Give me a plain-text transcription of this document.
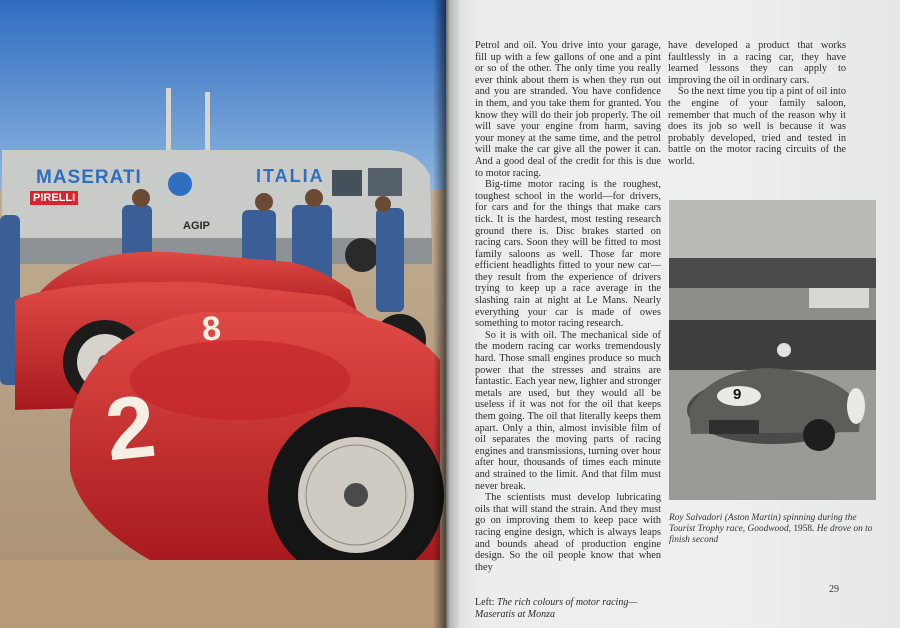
MASERATI	ITALIA
PIRELLI
AGIP
2
8

Petrol and oil. You drive into your garage, fill up with a few gallons of one and a pint or so of the other. The only time you really ever think about them is when they run out and you are stranded. You have confidence in them, and you take them for granted. You know they will do their job properly. The oil will save your engine from harm, saving your money at the same time, and the petrol will make the car give all the power it can. And a good deal of the credit for this is due to motor racing.

Big-time motor racing is the roughest, toughest school in the world—for drivers, for cars and for the things that make cars tick. It is the hardest, most testing research ground there is. Disc brakes started on racing cars. Soon they will be fitted to most family saloons as well. Those far more efficient headlights fitted to your new car—they result from the experience of drivers trying to keep up a race average in the slashing rain at night at Le Mans. Nearly everything your car is made of owes something to motor racing research.

So it is with oil. The mechanical side of the modern racing car works tremendously hard. Those small engines produce so much power that the stresses and strains are fantastic. Each year new, lighter and stronger metals are used, but they would all be useless if it was not for the oil that keeps them going. The oil that literally keeps them apart. Only a thin, almost invisible film of oil separates the moving parts of racing engines and transmissions, turning over hour after hour, thousands of times each minute and strained to the limit. And that film must never break.

The scientists must develop lubricating oils that will stand the strain. And they must go on improving them to keep pace with racing engine design, which is always leaps and bounds ahead of production engine design. So the oil people know that when they

have developed a product that works faultlessly in a racing car, they have learned lessons they can apply to improving the oil in ordinary cars.

So the next time you tip a pint of oil into the engine of your family saloon, remember that much of the reason why it does its job so well is because it was probably developed, tried and tested in battle on the motor racing circuits of the world.

9
Roy Salvadori (Aston Martin) spinning during the Tourist Trophy race, Goodwood, 1958. He drove on to finish second
29
Left: The rich colours of motor racing—Maseratis at Monza
